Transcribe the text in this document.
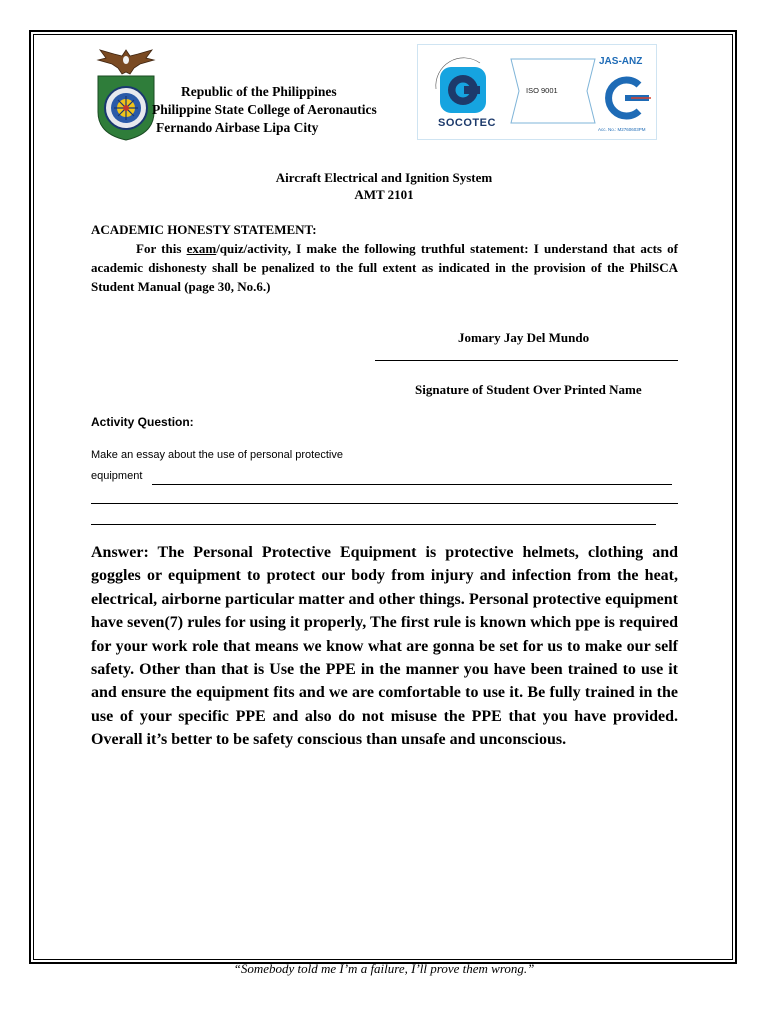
Republic of the Philippines
Philippine State College of Aeronautics
Fernando Airbase Lipa City	SOCOTEC
ISO 9001
JAS-ANZ
Acc. No.: M2760603PM
Aircraft Electrical and Ignition System
AMT 2101
ACADEMIC HONESTY STATEMENT:
For this exam/quiz/activity, I make the following truthful statement: I understand that acts of academic dishonesty shall be penalized to the full extent as indicated in the provision of the PhilSCA Student Manual (page 30, No.6.)
Jomary Jay Del Mundo
Signature of Student Over Printed Name
Activity Question:
Make an essay about the use of personal protective
equipment
Answer: The Personal Protective Equipment is protective helmets, clothing and goggles or equipment to protect our body from injury and infection from the heat, electrical, airborne particular matter and other things. Personal protective equipment have seven(7) rules for using it properly, The first rule is known which ppe is required for your work role that means we know what are gonna be set for us to make our self safety. Other than that is Use the PPE in the manner you have been trained to use it and ensure the equipment fits and we are comfortable to use it. Be fully trained in the use of your specific PPE and also do not misuse the PPE that you have provided. Overall it’s better to be safety conscious than unsafe and unconscious.
“Somebody told me I’m a failure, I’ll prove them wrong.”
